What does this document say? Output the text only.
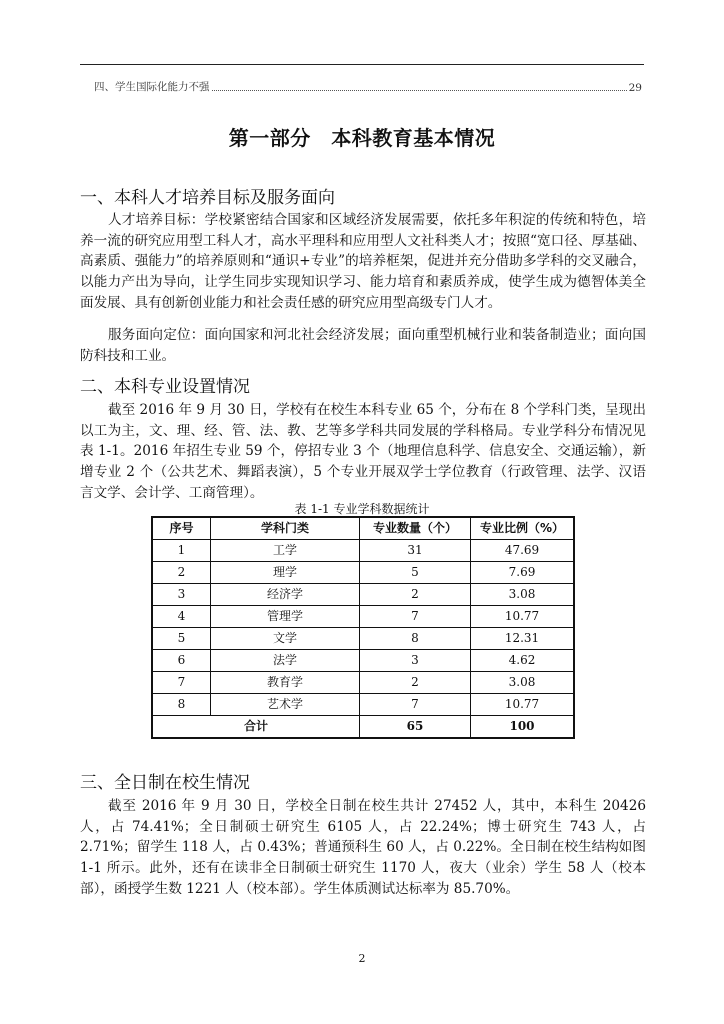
四、学生国际化能力不强	29
第一部分　本科教育基本情况
一、本科人才培养目标及服务面向

人才培养目标：学校紧密结合国家和区域经济发展需要，依托多年积淀的传统和特色，培养一流的研究应用型工科人才，高水平理科和应用型人文社科类人才；按照“宽口径、厚基础、高素质、强能力”的培养原则和“通识+专业”的培养框架，促进并充分借助多学科的交叉融合，以能力产出为导向，让学生同步实现知识学习、能力培育和素质养成，使学生成为德智体美全面发展、具有创新创业能力和社会责任感的研究应用型高级专门人才。

服务面向定位：面向国家和河北社会经济发展；面向重型机械行业和装备制造业；面向国防科技和工业。

二、本科专业设置情况

截至 2016 年 9 月 30 日，学校有在校生本科专业 65 个，分布在 8 个学科门类，呈现出以工为主，文、理、经、管、法、教、艺等多学科共同发展的学科格局。专业学科分布情况见表 1-1。2016 年招生专业 59 个，停招专业 3 个（地理信息科学、信息安全、交通运输），新增专业 2 个（公共艺术、舞蹈表演），5 个专业开展双学士学位教育（行政管理、法学、汉语言文学、会计学、工商管理）。

表 1-1 专业学科数据统计
序号	学科门类	专业数量（个）	专业比例（%）
1	工学	31	47.69
2	理学	5	7.69
3	经济学	2	3.08
4	管理学	7	10.77
5	文学	8	12.31
6	法学	3	4.62
7	教育学	2	3.08
8	艺术学	7	10.77
合计		65	100
三、全日制在校生情况

截至 2016 年 9 月 30 日，学校全日制在校生共计 27452 人，其中，本科生 20426 人，占 74.41%；全日制硕士研究生 6105 人，占 22.24%；博士研究生 743 人，占 2.71%；留学生 118 人，占 0.43%；普通预科生 60 人，占 0.22%。全日制在校生结构如图 1-1 所示。此外，还有在读非全日制硕士研究生 1170 人，夜大（业余）学生 58 人（校本部），函授学生数 1221 人（校本部）。学生体质测试达标率为 85.70%。

2
